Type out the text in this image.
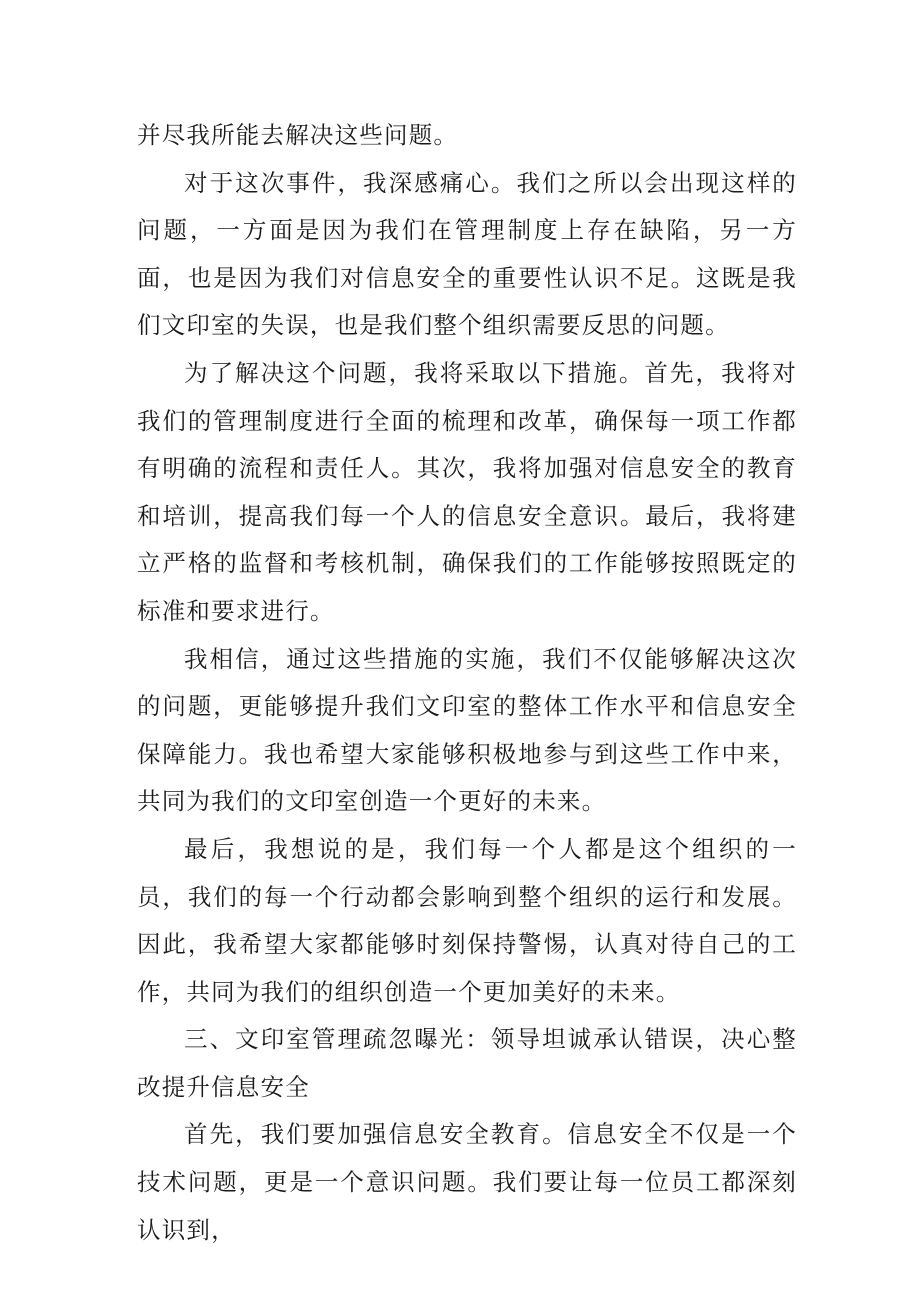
并尽我所能去解决这些问题。

对于这次事件，我深感痛心。我们之所以会出现这样的问题，一方面是因为我们在管理制度上存在缺陷，另一方面，也是因为我们对信息安全的重要性认识不足。这既是我们文印室的失误，也是我们整个组织需要反思的问题。

为了解决这个问题，我将采取以下措施。首先，我将对我们的管理制度进行全面的梳理和改革，确保每一项工作都有明确的流程和责任人。其次，我将加强对信息安全的教育和培训，提高我们每一个人的信息安全意识。最后，我将建立严格的监督和考核机制，确保我们的工作能够按照既定的标准和要求进行。

我相信，通过这些措施的实施，我们不仅能够解决这次的问题，更能够提升我们文印室的整体工作水平和信息安全保障能力。我也希望大家能够积极地参与到这些工作中来，共同为我们的文印室创造一个更好的未来。

最后，我想说的是，我们每一个人都是这个组织的一员，我们的每一个行动都会影响到整个组织的运行和发展。因此，我希望大家都能够时刻保持警惕，认真对待自己的工作，共同为我们的组织创造一个更加美好的未来。

三、文印室管理疏忽曝光：领导坦诚承认错误，决心整改提升信息安全

首先，我们要加强信息安全教育。信息安全不仅是一个技术问题，更是一个意识问题。我们要让每一位员工都深刻认识到，
